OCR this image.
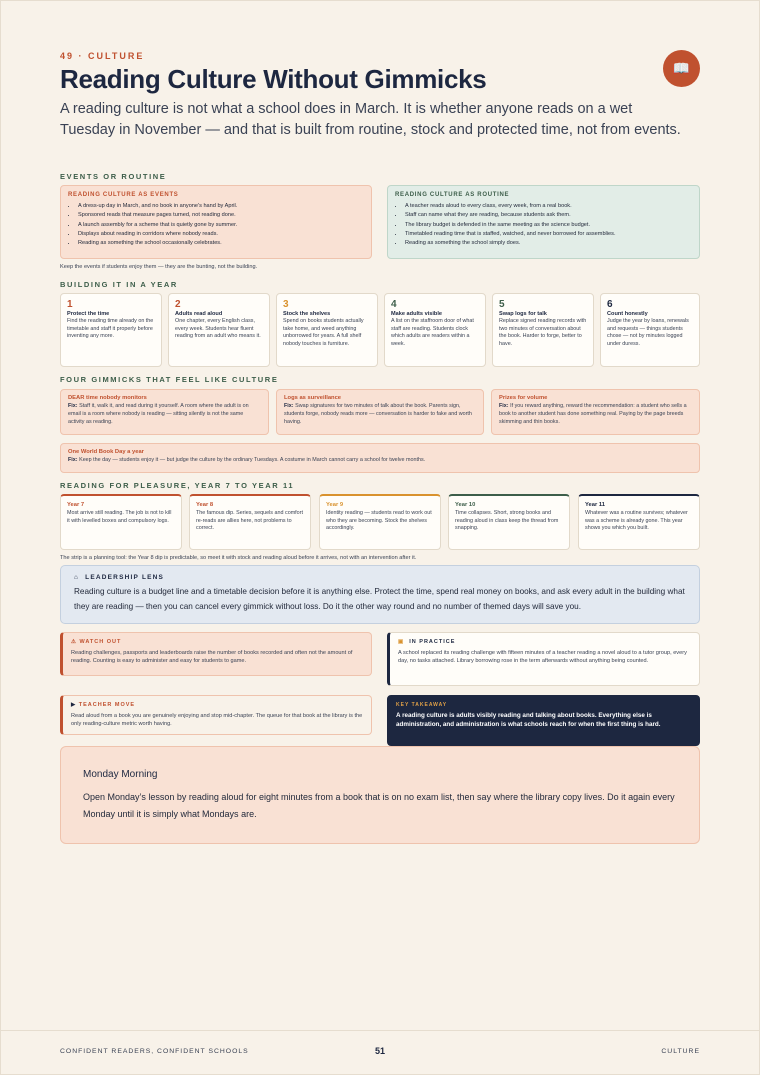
49 · CULTURE
📖
Reading Culture Without Gimmicks
A reading culture is not what a school does in March. It is whether anyone reads on a wet Tuesday in November — and that is built from routine, stock and protected time, not from events.
EVENTS OR ROUTINE
READING CULTURE AS EVENTS
• A dress-up day in March, and no book in anyone's hand by April.
• Sponsored reads that measure pages turned, not reading done.
• A launch assembly for a scheme that is quietly gone by summer.
• Displays about reading in corridors where nobody reads.
• Reading as something the school occasionally celebrates.
READING CULTURE AS ROUTINE
• A teacher reads aloud to every class, every week, from a real book.
• Staff can name what they are reading, because students ask them.
• The library budget is defended in the same meeting as the science budget.
• Timetabled reading time that is staffed, watched, and never borrowed for assemblies.
• Reading as something the school simply does.
Keep the events if students enjoy them — they are the bunting, not the building.
BUILDING IT IN A YEAR
1
Protect the time
Find the reading time already on the timetable and staff it properly before inventing any more.
2
Adults read aloud
One chapter, every English class, every week. Students hear fluent reading from an adult who means it.
3
Stock the shelves
Spend on books students actually take home, and weed anything unborrowed for years. A full shelf nobody touches is furniture.
4
Make adults visible
A list on the staffroom door of what staff are reading. Students clock which adults are readers within a week.
5
Swap logs for talk
Replace signed reading records with two minutes of conversation about the book. Harder to forge, better to have.
6
Count honestly
Judge the year by loans, renewals and requests — things students chose — not by minutes logged under duress.
FOUR GIMMICKS THAT FEEL LIKE CULTURE
DEAR time nobody monitors
Fix: Staff it, walk it, and read during it yourself. A room where the adult is on email is a room where nobody is reading — sitting silently is not the same activity as reading.
Logs as surveillance
Fix: Swap signatures for two minutes of talk about the book. Parents sign, students forge, nobody reads more — conversation is harder to fake and worth having.
Prizes for volume
Fix: If you reward anything, reward the recommendation: a student who sells a book to another student has done something real. Paying by the page breeds skimming and thin books.
One World Book Day a year
Fix: Keep the day — students enjoy it — but judge the culture by the ordinary Tuesdays. A costume in March cannot carry a school for twelve months.
READING FOR PLEASURE, YEAR 7 TO YEAR 11
Year 7
Most arrive still reading. The job is not to kill it with levelled boxes and compulsory logs.
Year 8
The famous dip. Series, sequels and comfort re-reads are allies here, not problems to correct.
Year 9
Identity reading — students read to work out who they are becoming. Stock the shelves accordingly.
Year 10
Time collapses. Short, strong books and reading aloud in class keep the thread from snapping.
Year 11
Whatever was a routine survives; whatever was a scheme is already gone. This year shows you which you built.
The strip is a planning tool: the Year 8 dip is predictable, so meet it with stock and reading aloud before it arrives, not with an intervention after it.
⌂ LEADERSHIP LENS
Reading culture is a budget line and a timetable decision before it is anything else. Protect the time, spend real money on books, and ask every adult in the building what they are reading — then you can cancel every gimmick without loss. Do it the other way round and no number of themed days will save you.
⚠ WATCH OUT
Reading challenges, passports and leaderboards raise the number of books recorded and often not the amount of reading. Counting is easy to administer and easy for students to game.
▣ IN PRACTICE
A school replaced its reading challenge with fifteen minutes of a teacher reading a novel aloud to a tutor group, every day, no tasks attached. Library borrowing rose in the term afterwards without anything being counted.
▶ TEACHER MOVE
Read aloud from a book you are genuinely enjoying and stop mid-chapter. The queue for that book at the library is the only reading-culture metric worth having.
KEY TAKEAWAY
A reading culture is adults visibly reading and talking about books. Everything else is administration, and administration is what schools reach for when the first thing is hard.
Monday Morning
Open Monday’s lesson by reading aloud for eight minutes from a book that is on no exam list, then say where the library copy lives. Do it again every Monday until it is simply what Mondays are.
CONFIDENT READERS, CONFIDENT SCHOOLS	51	CULTURE
